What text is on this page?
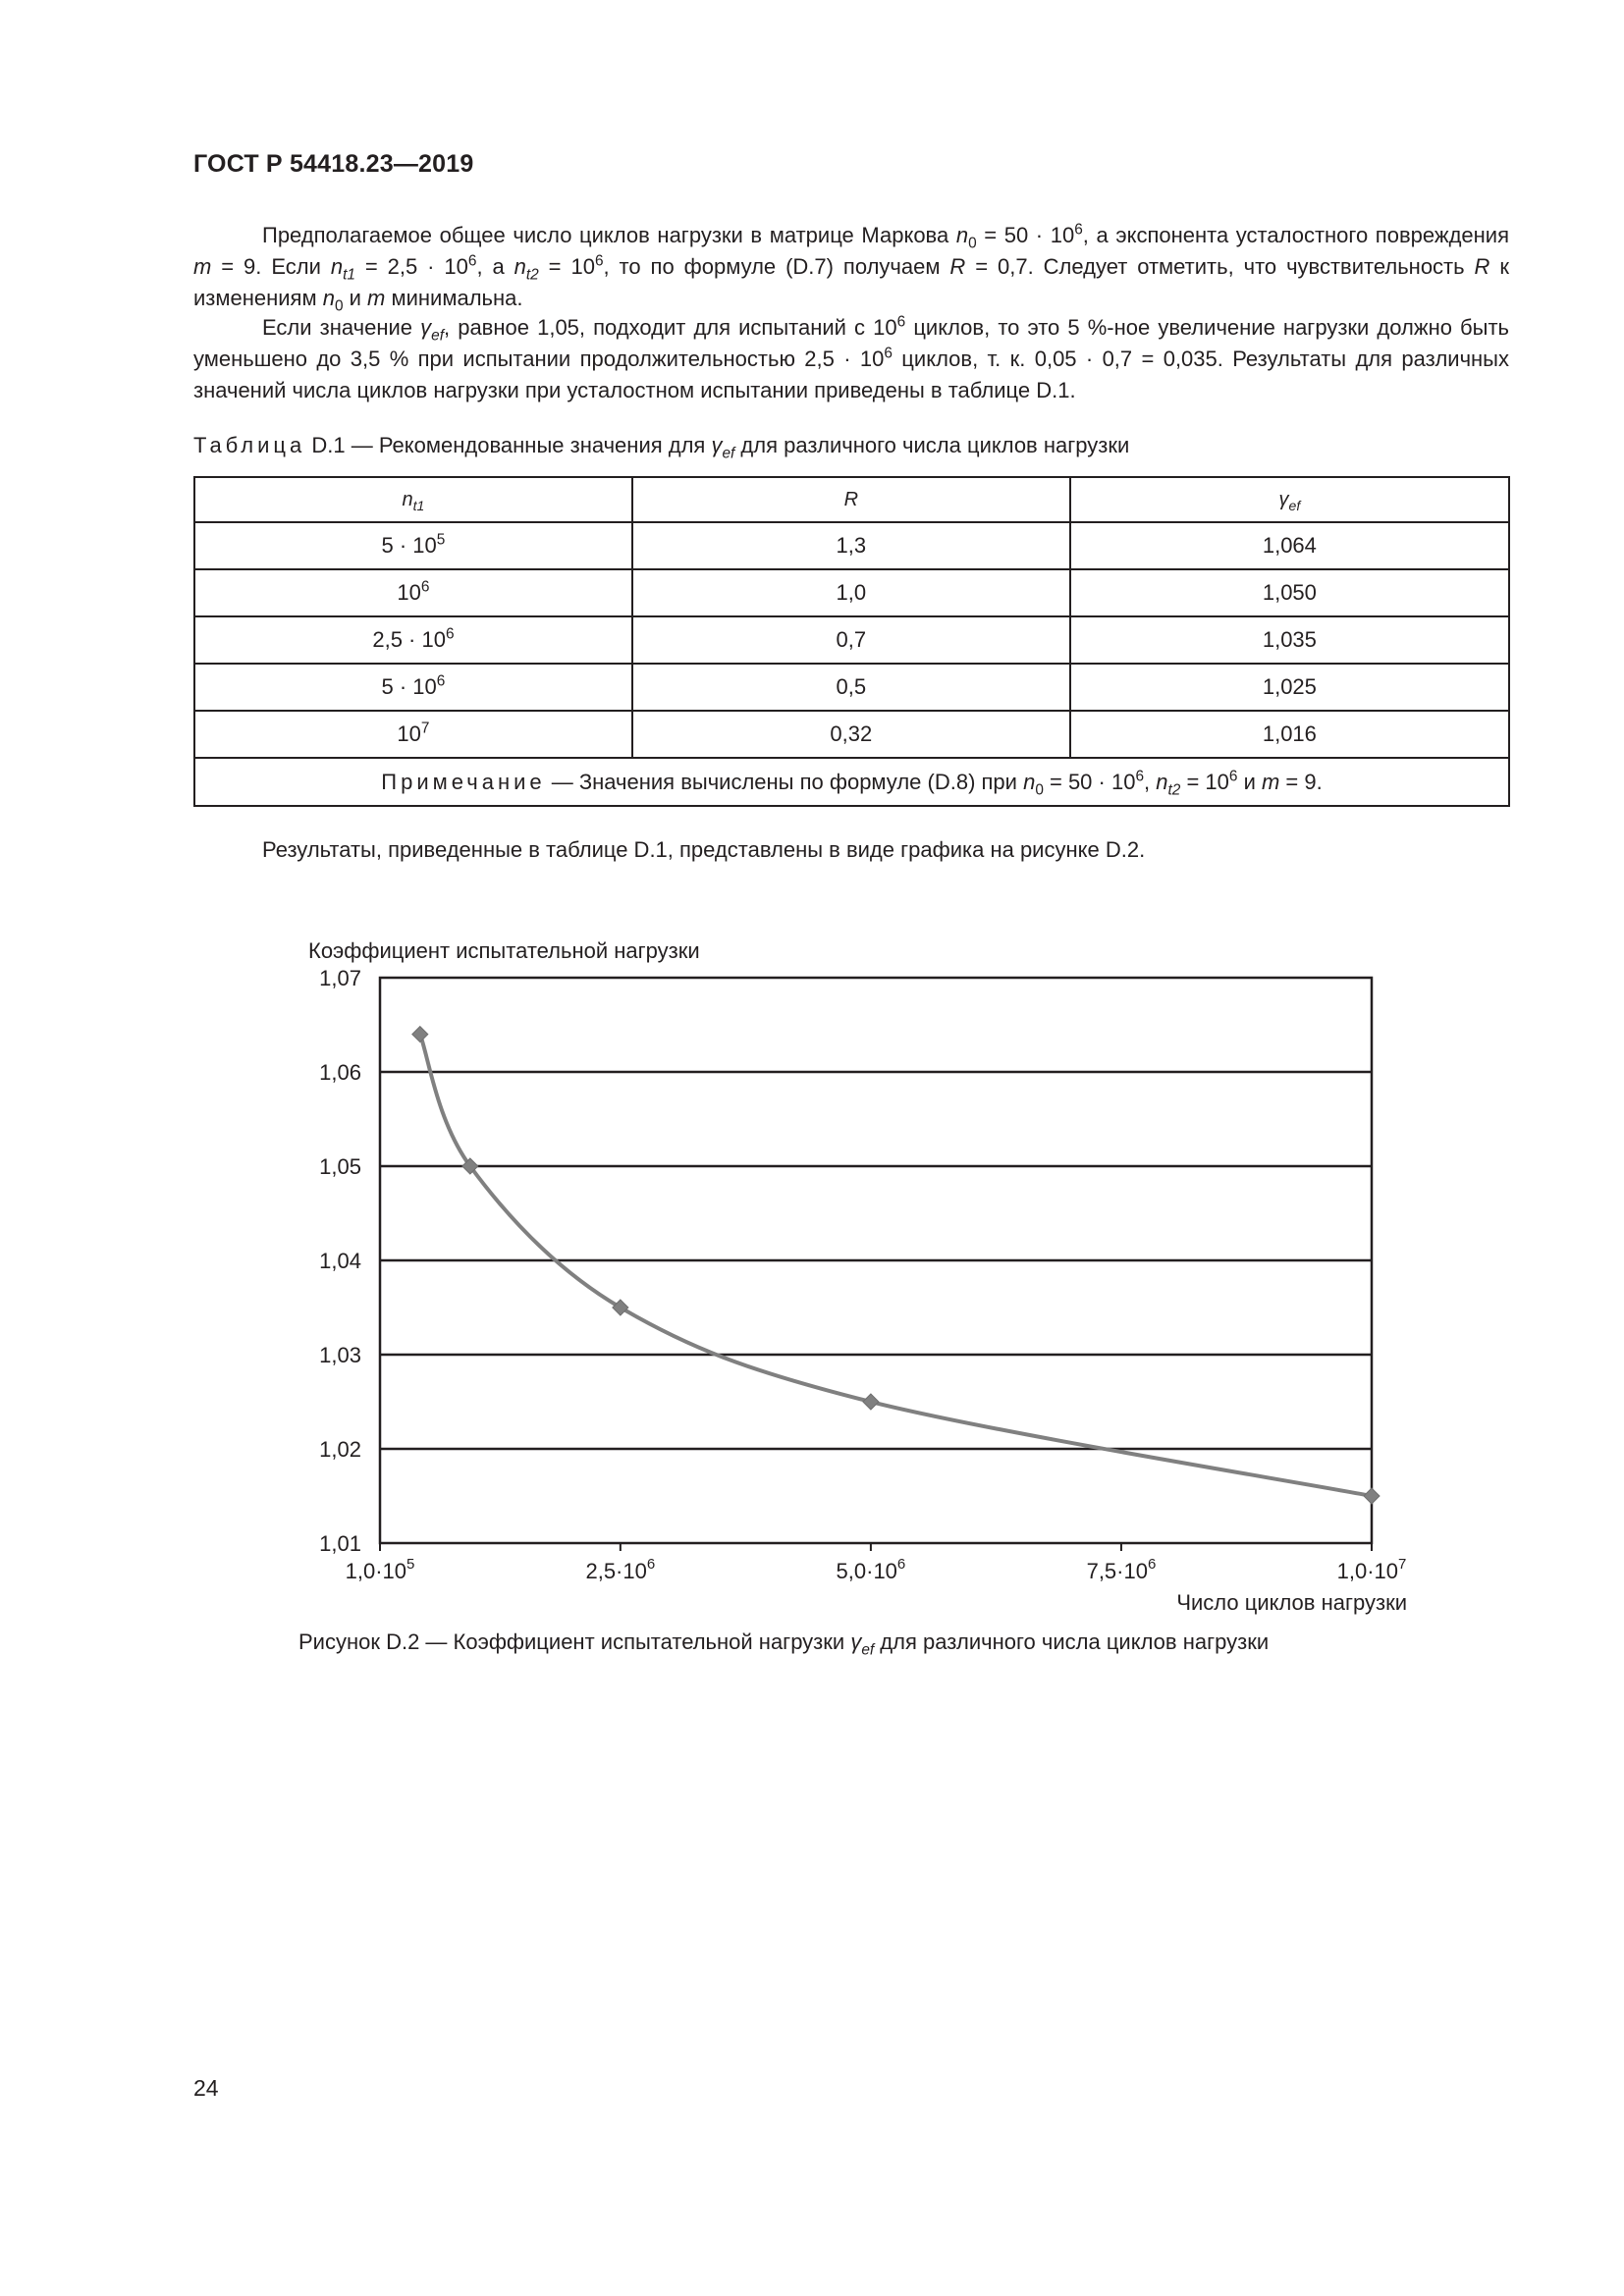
ГОСТ Р 54418.23—2019

Предполагаемое общее число циклов нагрузки в матрице Маркова $n_0 = 50 \cdot 10^6$, а экспонента усталостного повреждения m = 9. Если $n_{t1} = 2,5 \cdot 10^6$, а $n_{t2} = 10^6$, то по формуле (D.7) получаем R = 0,7. Следует отметить, что чувствительность R к изменениям $n_0$ и m минимальна.

Если значение $\gamma_{ef}$, равное 1,05, подходит для испытаний с $10^6$ циклов, то это 5 %-ное увеличение нагрузки должно быть уменьшено до 3,5 % при испытании продолжительностью $2,5 \cdot 10^6$ циклов, т. к. 0,05 · 0,7 = 0,035. Результаты для различных значений числа циклов нагрузки при усталостном испытании приведены в таблице D.1.

Таблица D.1 — Рекомендованные значения для $\gamma_{ef}$ для различного числа циклов нагрузки
$n_{t1}$	R	$\gamma_{ef}$
$5 \cdot 10^5$	1,3	1,064
$10^6$	1,0	1,050
$2,5 \cdot 10^6$	0,7	1,035
$5 \cdot 10^6$	0,5	1,025
$10^7$	0,32	1,016
Примечание — Значения вычислены по формуле (D.8) при $n_0 = 50 \cdot 10^6$, $n_{t2} = 10^6$ и m = 9.		
Результаты, приведенные в таблице D.1, представлены в виде графика на рисунке D.2.
Коэффициент испытательной нагрузки
1,01
1,02
1,03
1,04
1,05
1,06
1,07
$1,0\cdot 10^5$	$2,5\cdot 10^6$	$5,0\cdot 10^6$	$7,5\cdot 10^6$	$1,0\cdot 10^7$
Число циклов нагрузки
Рисунок D.2 — Коэффициент испытательной нагрузки $\gamma_{ef}$ для различного числа циклов нагрузки
24
